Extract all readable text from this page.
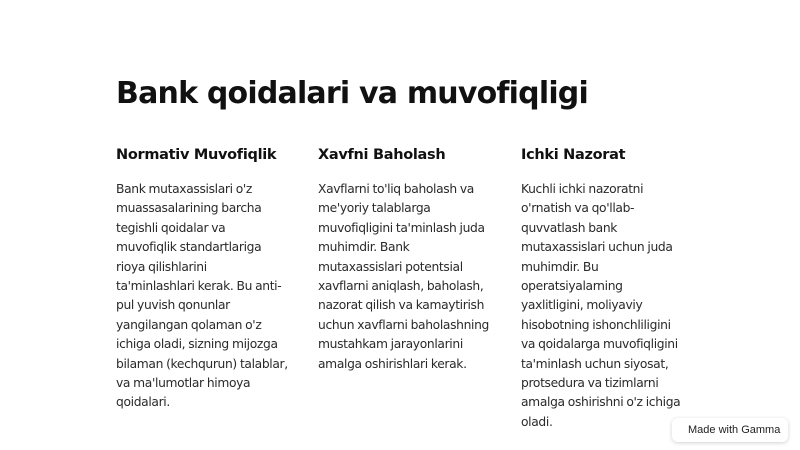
Bank qoidalari va muvofiqligi
Normativ Muvofiqlik

Bank mutaxassislari o'z muassasalarining barcha tegishli qoidalar va muvofiqlik standartlariga rioya qilishlarini ta'minlashlari kerak. Bu anti-pul yuvish qonunlar yangilangan qolaman o'z ichiga oladi, sizning mijozga bilaman (kechqurun) talablar, va ma'lumotlar himoya qoidalari.

Xavfni Baholash

Xavflarni to'liq baholash va me'yoriy talablarga muvofiqligini ta'minlash juda muhimdir. Bank mutaxassislari potentsial xavflarni aniqlash, baholash, nazorat qilish va kamaytirish uchun xavflarni baholashning mustahkam jarayonlarini amalga oshirishlari kerak.

Ichki Nazorat

Kuchli ichki nazoratni o'rnatish va qo'llab-quvvatlash bank mutaxassislari uchun juda muhimdir. Bu operatsiyalarning yaxlitligini, moliyaviy hisobotning ishonchliligini va qoidalarga muvofiqligini ta'minlash uchun siyosat, protsedura va tizimlarni amalga oshirishni o'z ichiga oladi.

Made with Gamma
